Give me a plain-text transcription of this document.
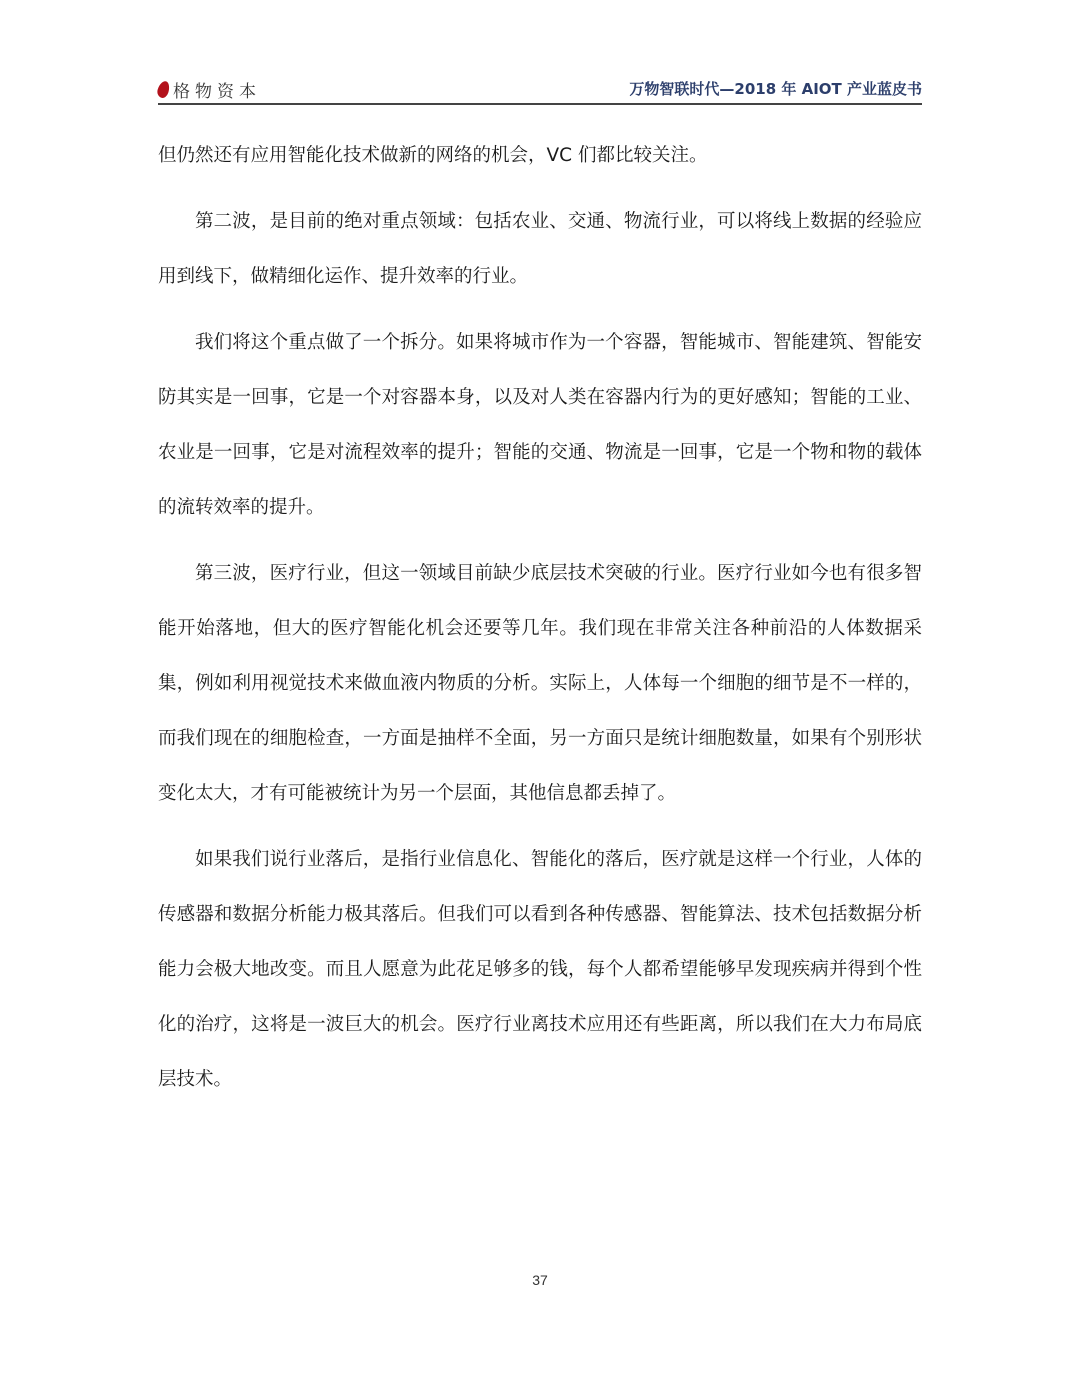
格物资本	万物智联时代—2018 年 AIOT 产业蓝皮书

但仍然还有应用智能化技术做新的网络的机会，VC 们都比较关注。

第二波，是目前的绝对重点领域：包括农业、交通、物流行业，可以将线上数据的经验应用到线下，做精细化运作、提升效率的行业。

我们将这个重点做了一个拆分。如果将城市作为一个容器，智能城市、智能建筑、智能安防其实是一回事，它是一个对容器本身，以及对人类在容器内行为的更好感知；智能的工业、农业是一回事，它是对流程效率的提升；智能的交通、物流是一回事，它是一个物和物的载体的流转效率的提升。

第三波，医疗行业，但这一领域目前缺少底层技术突破的行业。医疗行业如今也有很多智能开始落地，但大的医疗智能化机会还要等几年。我们现在非常关注各种前沿的人体数据采集，例如利用视觉技术来做血液内物质的分析。实际上，人体每一个细胞的细节是不一样的，而我们现在的细胞检查，一方面是抽样不全面，另一方面只是统计细胞数量，如果有个别形状变化太大，才有可能被统计为另一个层面，其他信息都丢掉了。

如果我们说行业落后，是指行业信息化、智能化的落后，医疗就是这样一个行业，人体的传感器和数据分析能力极其落后。但我们可以看到各种传感器、智能算法、技术包括数据分析能力会极大地改变。而且人愿意为此花足够多的钱，每个人都希望能够早发现疾病并得到个性化的治疗，这将是一波巨大的机会。医疗行业离技术应用还有些距离，所以我们在大力布局底层技术。

37
